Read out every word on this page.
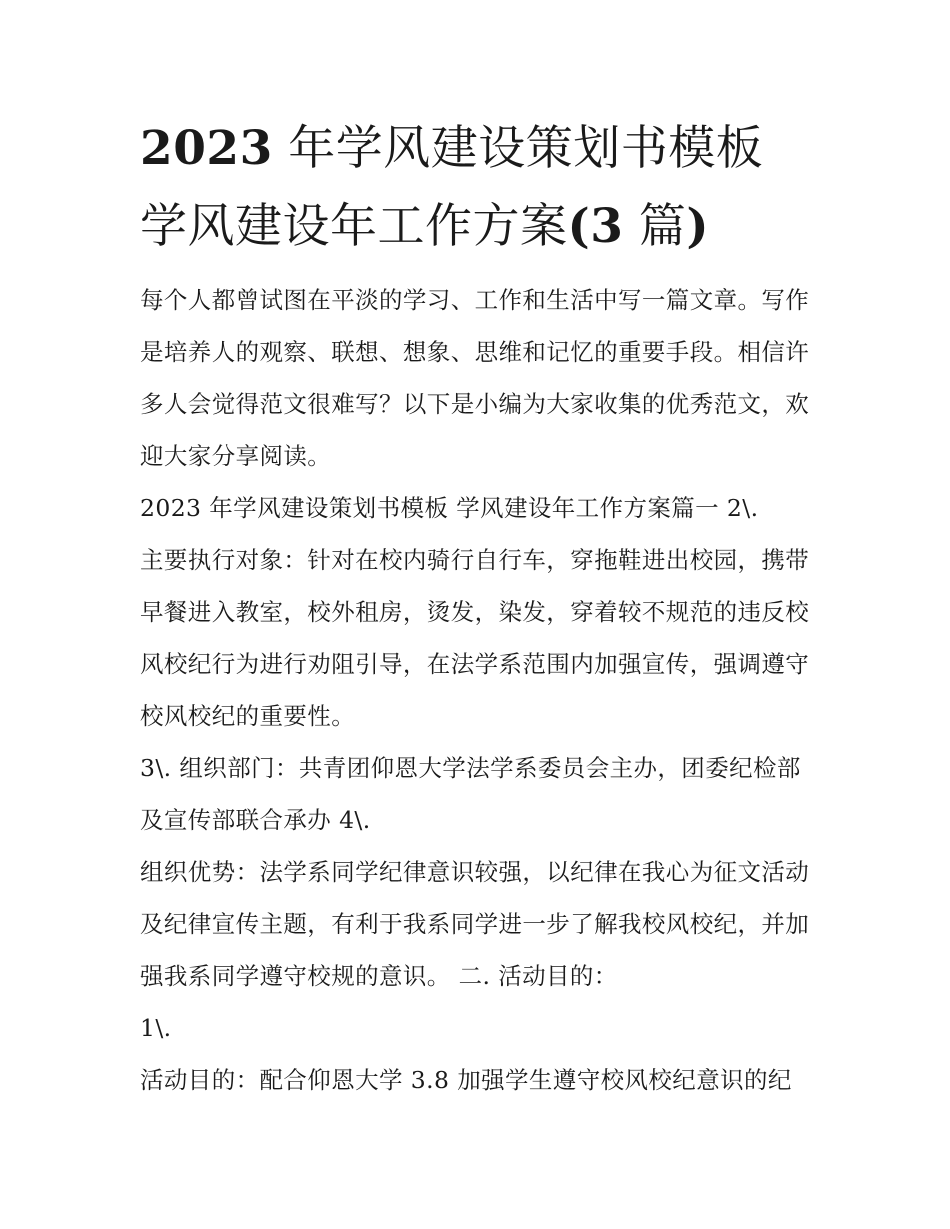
2023 年学风建设策划书模板
学风建设年工作方案(3 篇)

每个人都曾试图在平淡的学习、工作和生活中写一篇文章。写作是培养人的观察、联想、想象、思维和记忆的重要手段。相信许多人会觉得范文很难写？以下是小编为大家收集的优秀范文，欢迎大家分享阅读。

2023 年学风建设策划书模板 学风建设年工作方案篇一 2\.

主要执行对象：针对在校内骑行自行车，穿拖鞋进出校园，携带早餐进入教室，校外租房，烫发，染发，穿着较不规范的违反校风校纪行为进行劝阻引导，在法学系范围内加强宣传，强调遵守校风校纪的重要性。

3\. 组织部门：共青团仰恩大学法学系委员会主办，团委纪检部及宣传部联合承办 4\.

组织优势：法学系同学纪律意识较强，以纪律在我心为征文活动及纪律宣传主题，有利于我系同学进一步了解我校风校纪，并加强我系同学遵守校规的意识。 二. 活动目的：

1\.

活动目的：配合仰恩大学 3.8 加强学生遵守校风校纪意识的纪
